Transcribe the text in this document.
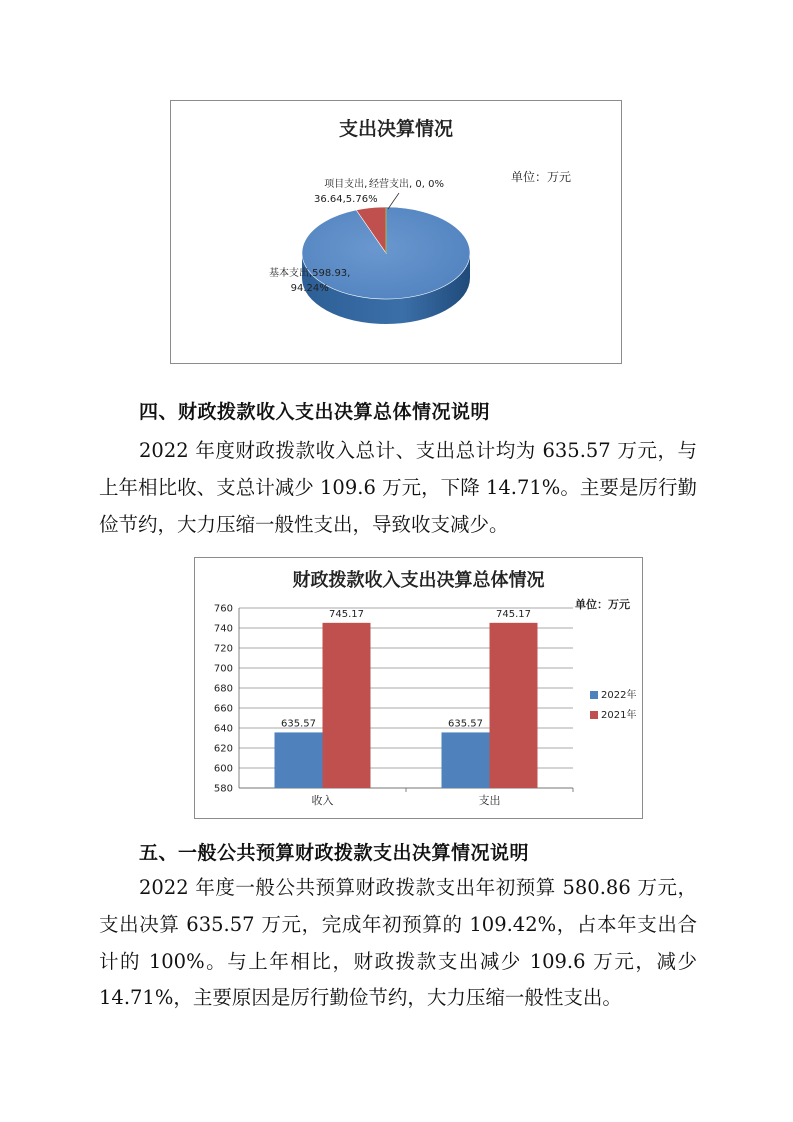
支出决算情况
单位：万元
项目支出,
36.64,5.76%
经营支出, 0, 0%
基本支出,598.93,
94.24%
四、财政拨款收入支出决算总体情况说明
2022 年度财政拨款收入总计、支出总计均为 635.57 万元，与上年相比收、支总计减少 109.6 万元，下降 14.71%。主要是厉行勤俭节约，大力压缩一般性支出，导致收支减少。
财政拨款收入支出决算总体情况
单位：万元
580
600
620
640
660
680
700
720
740
760
收入
635.57
745.17
支出
635.57
745.17
2022年
2021年
五、一般公共预算财政拨款支出决算情况说明
2022 年度一般公共预算财政拨款支出年初预算 580.86 万元，支出决算 635.57 万元，完成年初预算的 109.42%，占本年支出合计的 100%。与上年相比，财政拨款支出减少 109.6 万元，减少 14.71%，主要原因是厉行勤俭节约，大力压缩一般性支出。
